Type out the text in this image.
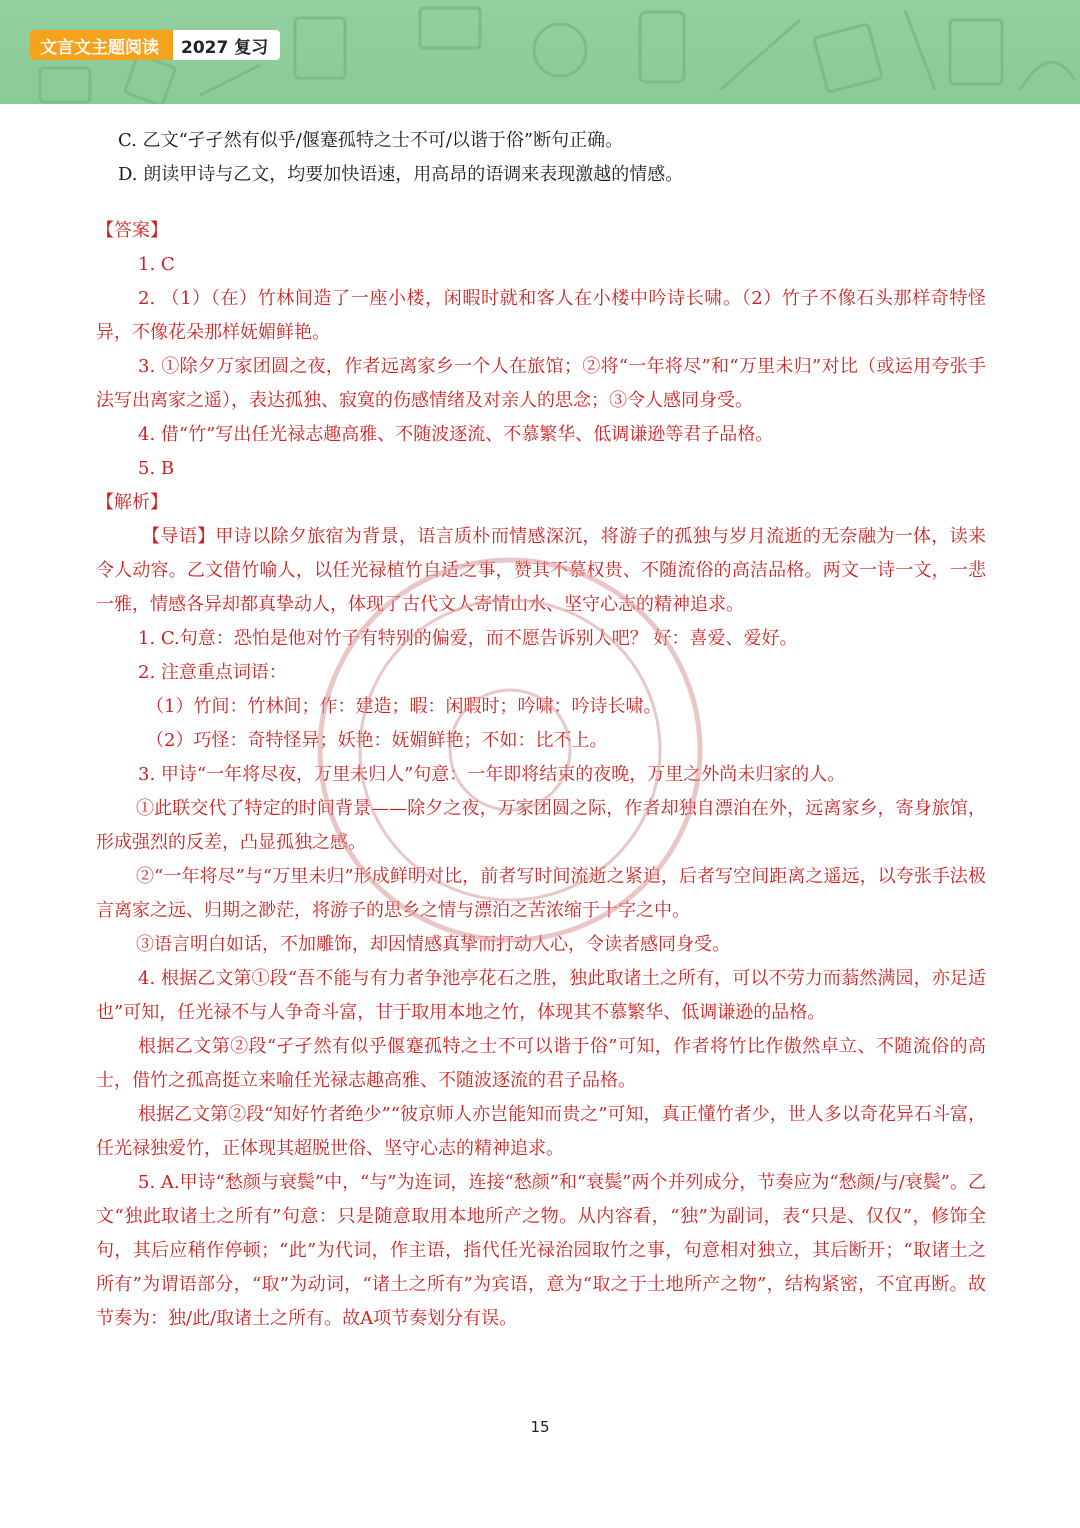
文言文主题阅读	2027 复习
C. 乙文“孑孑然有似乎/偃蹇孤特之士不可/以谐于俗”断句正确。
D. 朗读甲诗与乙文，均要加快语速，用高昂的语调来表现激越的情感。
【答案】
1. C
2. （1）（在）竹林间造了一座小楼，闲暇时就和客人在小楼中吟诗长啸。（2）竹子不像石头那样奇特怪异，不像花朵那样妩媚鲜艳。
3. ①除夕万家团圆之夜，作者远离家乡一个人在旅馆；②将“一年将尽”和“万里未归”对比（或运用夸张手法写出离家之遥），表达孤独、寂寞的伤感情绪及对亲人的思念；③令人感同身受。
4. 借“竹”写出任光禄志趣高雅、不随波逐流、不慕繁华、低调谦逊等君子品格。
5. B
【解析】
【导语】甲诗以除夕旅宿为背景，语言质朴而情感深沉，将游子的孤独与岁月流逝的无奈融为一体，读来令人动容。乙文借竹喻人，以任光禄植竹自适之事，赞其不慕权贵、不随流俗的高洁品格。两文一诗一文，一悲一雅，情感各异却都真挚动人，体现了古代文人寄情山水、坚守心志的精神追求。
1. C.句意：恐怕是他对竹子有特别的偏爱，而不愿告诉别人吧？ 好：喜爱、爱好。
2. 注意重点词语：
（1）竹间：竹林间；作：建造；暇：闲暇时；吟啸：吟诗长啸。
（2）巧怪：奇特怪异；妖艳：妩媚鲜艳；不如：比不上。
3. 甲诗“一年将尽夜，万里未归人”句意：一年即将结束的夜晚，万里之外尚未归家的人。
①此联交代了特定的时间背景——除夕之夜，万家团圆之际，作者却独自漂泊在外，远离家乡，寄身旅馆，形成强烈的反差，凸显孤独之感。
②“一年将尽”与“万里未归”形成鲜明对比，前者写时间流逝之紧迫，后者写空间距离之遥远，以夸张手法极言离家之远、归期之渺茫，将游子的思乡之情与漂泊之苦浓缩于十字之中。
③语言明白如话，不加雕饰，却因情感真挚而打动人心，令读者感同身受。
4. 根据乙文第①段“吾不能与有力者争池亭花石之胜，独此取诸土之所有，可以不劳力而蓊然满园，亦足适也”可知，任光禄不与人争奇斗富，甘于取用本地之竹，体现其不慕繁华、低调谦逊的品格。
根据乙文第②段“孑孑然有似乎偃蹇孤特之士不可以谐于俗”可知，作者将竹比作傲然卓立、不随流俗的高士，借竹之孤高挺立来喻任光禄志趣高雅、不随波逐流的君子品格。
根据乙文第②段“知好竹者绝少”“彼京师人亦岂能知而贵之”可知，真正懂竹者少，世人多以奇花异石斗富，任光禄独爱竹，正体现其超脱世俗、坚守心志的精神追求。
5. A.甲诗“愁颜与衰鬓”中，“与”为连词，连接“愁颜”和“衰鬓”两个并列成分，节奏应为“愁颜/与/衰鬓”。乙文“独此取诸土之所有”句意：只是随意取用本地所产之物。从内容看，“独”为副词，表“只是、仅仅”，修饰全句，其后应稍作停顿；“此”为代词，作主语，指代任光禄治园取竹之事，句意相对独立，其后断开；“取诸土之所有”为谓语部分，“取”为动词，“诸土之所有”为宾语，意为“取之于土地所产之物”，结构紧密，不宜再断。故节奏为：独/此/取诸土之所有。故A项节奏划分有误。
15
